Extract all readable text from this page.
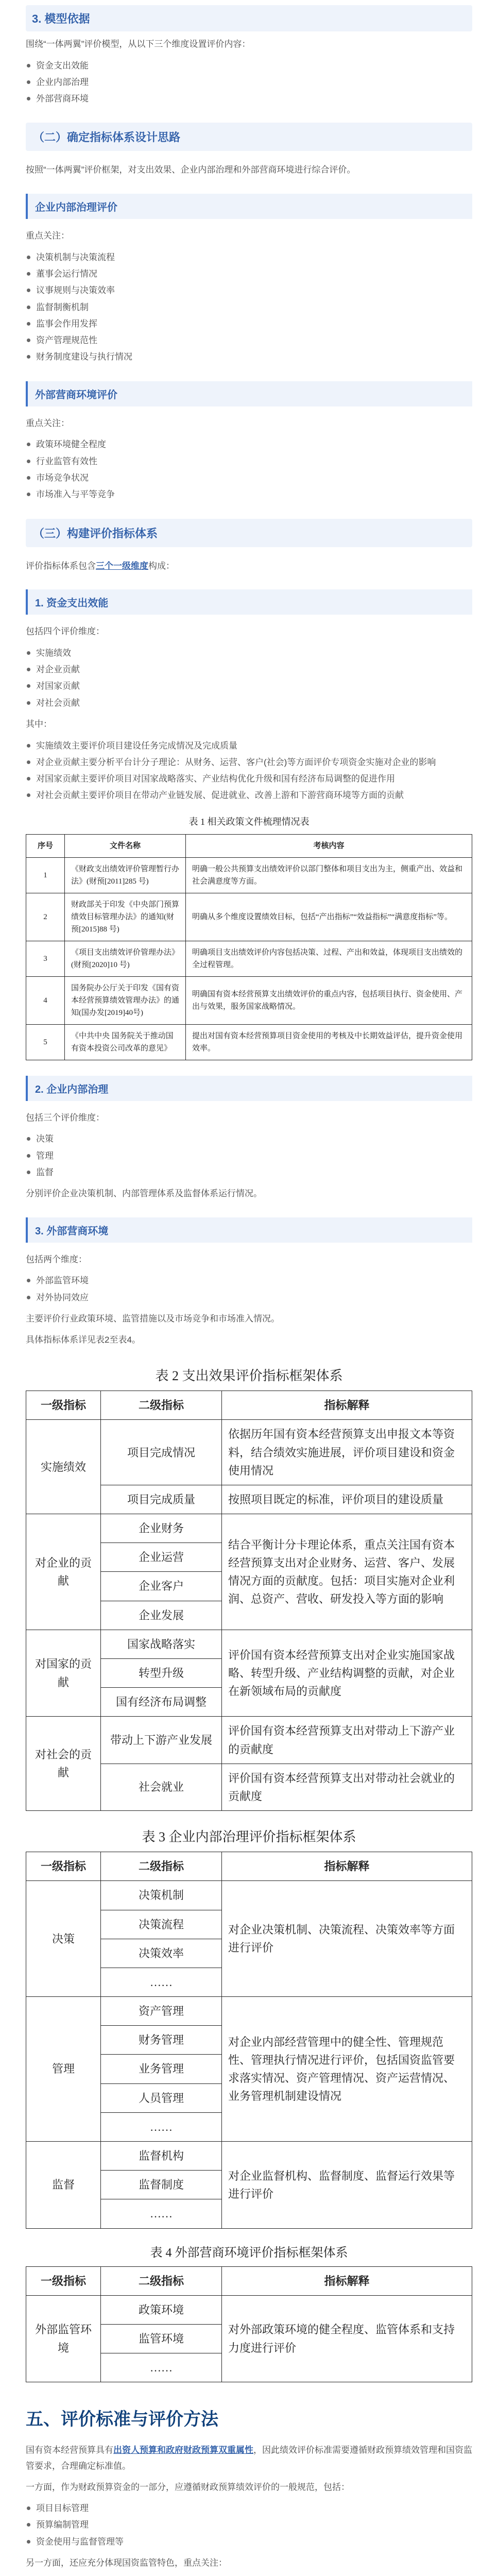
3. 模型依据

围绕“一体两翼”评价模型，从以下三个维度设置评价内容：

资金支出效能
企业内部治理
外部营商环境
（二）确定指标体系设计思路

按照“一体两翼”评价框架，对支出效果、企业内部治理和外部营商环境进行综合评价。

企业内部治理评价

重点关注：

决策机制与决策流程
董事会运行情况
议事规则与决策效率
监督制衡机制
监事会作用发挥
资产管理规范性
财务制度建设与执行情况
外部营商环境评价

重点关注：

政策环境健全程度
行业监管有效性
市场竞争状况
市场准入与平等竞争
（三）构建评价指标体系

评价指标体系包含三个一级维度构成：

1. 资金支出效能

包括四个评价维度：

实施绩效
对企业贡献
对国家贡献
对社会贡献

其中：

实施绩效主要评价项目建设任务完成情况及完成质量
对企业贡献主要分析平台计分子理论：从财务、运营、客户(社会)等方面评价专项资金实施对企业的影响
对国家贡献主要评价项目对国家战略落实、产业结构优化升级和国有经济布局调整的促进作用
对社会贡献主要评价项目在带动产业链发展、促进就业、改善上游和下游营商环境等方面的贡献
表 1 相关政策文件梳理情况表
序号	文件名称	考核内容
1	《财政支出绩效评价管理暂行办法》(财预[2011]285 号)	明确一般公共预算支出绩效评价以部门整体和项目支出为主，侧重产出、效益和社会满意度等方面。
2	财政部关于印发《中央部门预算绩效目标管理办法》的通知(财预[2015]88 号)	明确从多个维度设置绩效目标，包括“产出指标”“效益指标”“满意度指标”等。
3	《项目支出绩效评价管理办法》(财预[2020]10 号)	明确项目支出绩效评价内容包括决策、过程、产出和效益，体现项目支出绩效的全过程管理。
4	国务院办公厅关于印发《国有资本经营预算绩效管理办法》的通知(国办发[2019]40号)	明确国有资本经营预算支出绩效评价的重点内容，包括项目执行、资金使用、产出与效果，服务国家战略情况。
5	《中共中央 国务院关于推动国有资本投资公司改革的意见》	提出对国有资本经营预算项目资金使用的考核及中长期效益评估，提升资金使用效率。
2. 企业内部治理

包括三个评价维度：

决策
管理
监督

分别评价企业决策机制、内部管理体系及监督体系运行情况。

3. 外部营商环境

包括两个维度：

外部监管环境
对外协同效应

主要评价行业政策环境、监管措施以及市场竞争和市场准入情况。

具体指标体系详见表2至表4。

表 2 支出效果评价指标框架体系
一级指标	二级指标	指标解释
实施绩效	项目完成情况	依据历年国有资本经营预算支出申报文本等资料，结合绩效实施进展，评价项目建设和资金使用情况
	项目完成质量	按照项目既定的标准，评价项目的建设质量
对企业的贡献	企业财务	结合平衡计分卡理论体系，重点关注国有资本经营预算支出对企业财务、运营、客户、发展情况方面的贡献度。包括：项目实施对企业利润、总资产、营收、研发投入等方面的影响
	企业运营	
	企业客户	
	企业发展	
对国家的贡献	国家战略落实	评价国有资本经营预算支出对企业实施国家战略、转型升级、产业结构调整的贡献，对企业在新领域布局的贡献度
	转型升级	
	国有经济布局调整	
对社会的贡献	带动上下游产业发展	评价国有资本经营预算支出对带动上下游产业的贡献度
	社会就业	评价国有资本经营预算支出对带动社会就业的贡献度
表 3 企业内部治理评价指标框架体系
一级指标	二级指标	指标解释
决策	决策机制	对企业决策机制、决策流程、决策效率等方面进行评价
	决策流程	
	决策效率	
	……	
管理	资产管理	对企业内部经营管理中的健全性、管理规范性、管理执行情况进行评价，包括国资监管要求落实情况、资产管理情况、资产运营情况、业务管理机制建设情况
	财务管理	
	业务管理	
	人员管理	
	……	
监督	监督机构	对企业监督机构、监督制度、监督运行效果等进行评价
	监督制度	
	……	
表 4 外部营商环境评价指标框架体系
一级指标	二级指标	指标解释
外部监管环境	政策环境	对外部政策环境的健全程度、监管体系和支持力度进行评价
	监管环境	
	……	
五、评价标准与评价方法

国有资本经营预算具有出资人预算和政府财政预算双重属性，因此绩效评价标准需要遵循财政预算绩效管理和国资监管要求，合理确定标准值。

一方面，作为财政预算资金的一部分，应遵循财政预算绩效评价的一般规范，包括：

项目目标管理
预算编制管理
资金使用与监督管理等

另一方面，还应充分体现国资监管特色，重点关注：
